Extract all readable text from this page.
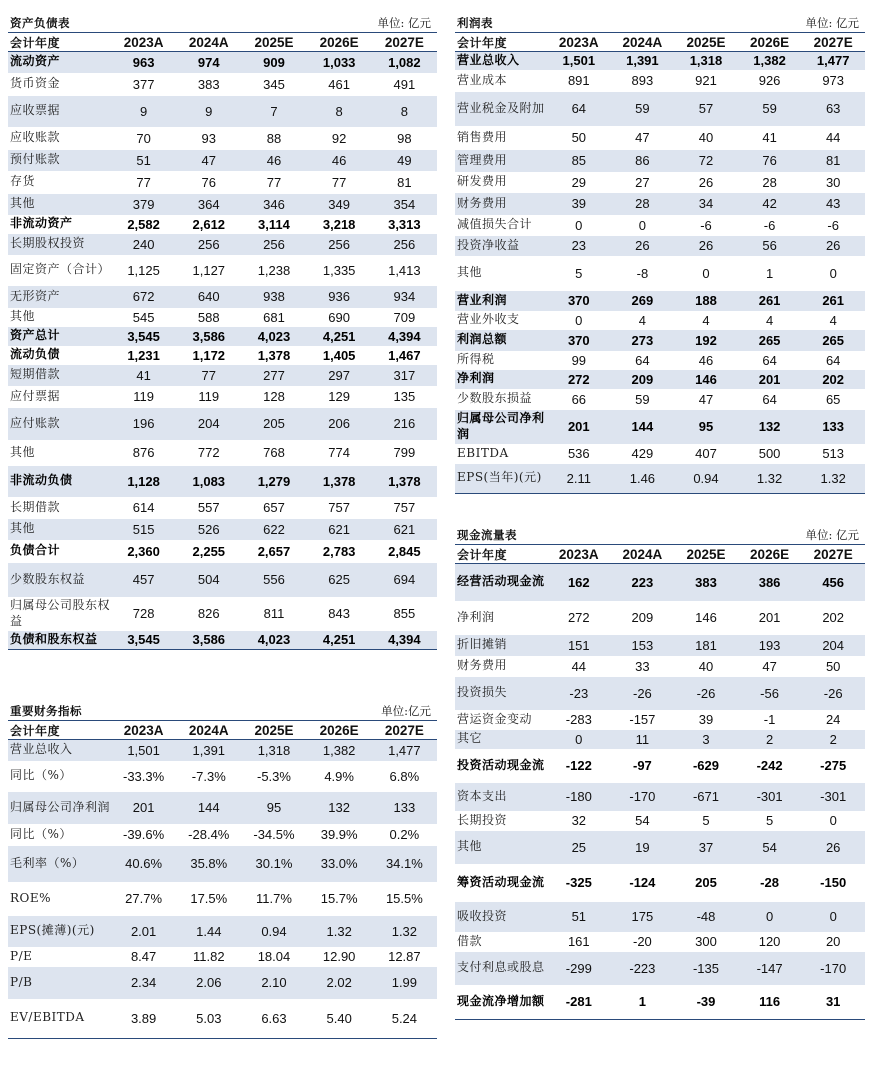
资产负债表	单位: 亿元
会计年度	2023A	2024A	2025E	2026E	2027E
流动资产	963	974	909	1,033	1,082
货币资金	377	383	345	461	491
应收票据	9	9	7	8	8
应收账款	70	93	88	92	98
预付账款	51	47	46	46	49
存货	77	76	77	77	81
其他	379	364	346	349	354
非流动资产	2,582	2,612	3,114	3,218	3,313
长期股权投资	240	256	256	256	256
固定资产（合计）	1,125	1,127	1,238	1,335	1,413
无形资产	672	640	938	936	934
其他	545	588	681	690	709
资产总计	3,545	3,586	4,023	4,251	4,394
流动负债	1,231	1,172	1,378	1,405	1,467
短期借款	41	77	277	297	317
应付票据	119	119	128	129	135
应付账款	196	204	205	206	216
其他	876	772	768	774	799
非流动负债	1,128	1,083	1,279	1,378	1,378
长期借款	614	557	657	757	757
其他	515	526	622	621	621
负债合计	2,360	2,255	2,657	2,783	2,845
少数股东权益	457	504	556	625	694
归属母公司股东权益	728	826	811	843	855
负债和股东权益	3,545	3,586	4,023	4,251	4,394
重要财务指标	单位:亿元
会计年度	2023A	2024A	2025E	2026E	2027E
营业总收入	1,501	1,391	1,318	1,382	1,477
同比（%）	-33.3%	-7.3%	-5.3%	4.9%	6.8%
归属母公司净利润	201	144	95	132	133
同比（%）	-39.6%	-28.4%	-34.5%	39.9%	0.2%
毛利率（%）	40.6%	35.8%	30.1%	33.0%	34.1%
ROE%	27.7%	17.5%	11.7%	15.7%	15.5%
EPS(摊薄)(元)	2.01	1.44	0.94	1.32	1.32
P/E	8.47	11.82	18.04	12.90	12.87
P/B	2.34	2.06	2.10	2.02	1.99
EV/EBITDA	3.89	5.03	6.63	5.40	5.24
利润表	单位: 亿元
会计年度	2023A	2024A	2025E	2026E	2027E
营业总收入	1,501	1,391	1,318	1,382	1,477
营业成本	891	893	921	926	973
营业税金及附加	64	59	57	59	63
销售费用	50	47	40	41	44
管理费用	85	86	72	76	81
研发费用	29	27	26	28	30
财务费用	39	28	34	42	43
减值损失合计	0	0	-6	-6	-6
投资净收益	23	26	26	56	26
其他	5	-8	0	1	0
营业利润	370	269	188	261	261
营业外收支	0	4	4	4	4
利润总额	370	273	192	265	265
所得税	99	64	46	64	64
净利润	272	209	146	201	202
少数股东损益	66	59	47	64	65
归属母公司净利润	201	144	95	132	133
EBITDA	536	429	407	500	513
EPS(当年)(元)	2.11	1.46	0.94	1.32	1.32
现金流量表	单位: 亿元
会计年度	2023A	2024A	2025E	2026E	2027E
经营活动现金流	162	223	383	386	456
净利润	272	209	146	201	202
折旧摊销	151	153	181	193	204
财务费用	44	33	40	47	50
投资损失	-23	-26	-26	-56	-26
营运资金变动	-283	-157	39	-1	24
其它	0	11	3	2	2
投资活动现金流	-122	-97	-629	-242	-275
资本支出	-180	-170	-671	-301	-301
长期投资	32	54	5	5	0
其他	25	19	37	54	26
筹资活动现金流	-325	-124	205	-28	-150
吸收投资	51	175	-48	0	0
借款	161	-20	300	120	20
支付利息或股息	-299	-223	-135	-147	-170
现金流净增加额	-281	1	-39	116	31
